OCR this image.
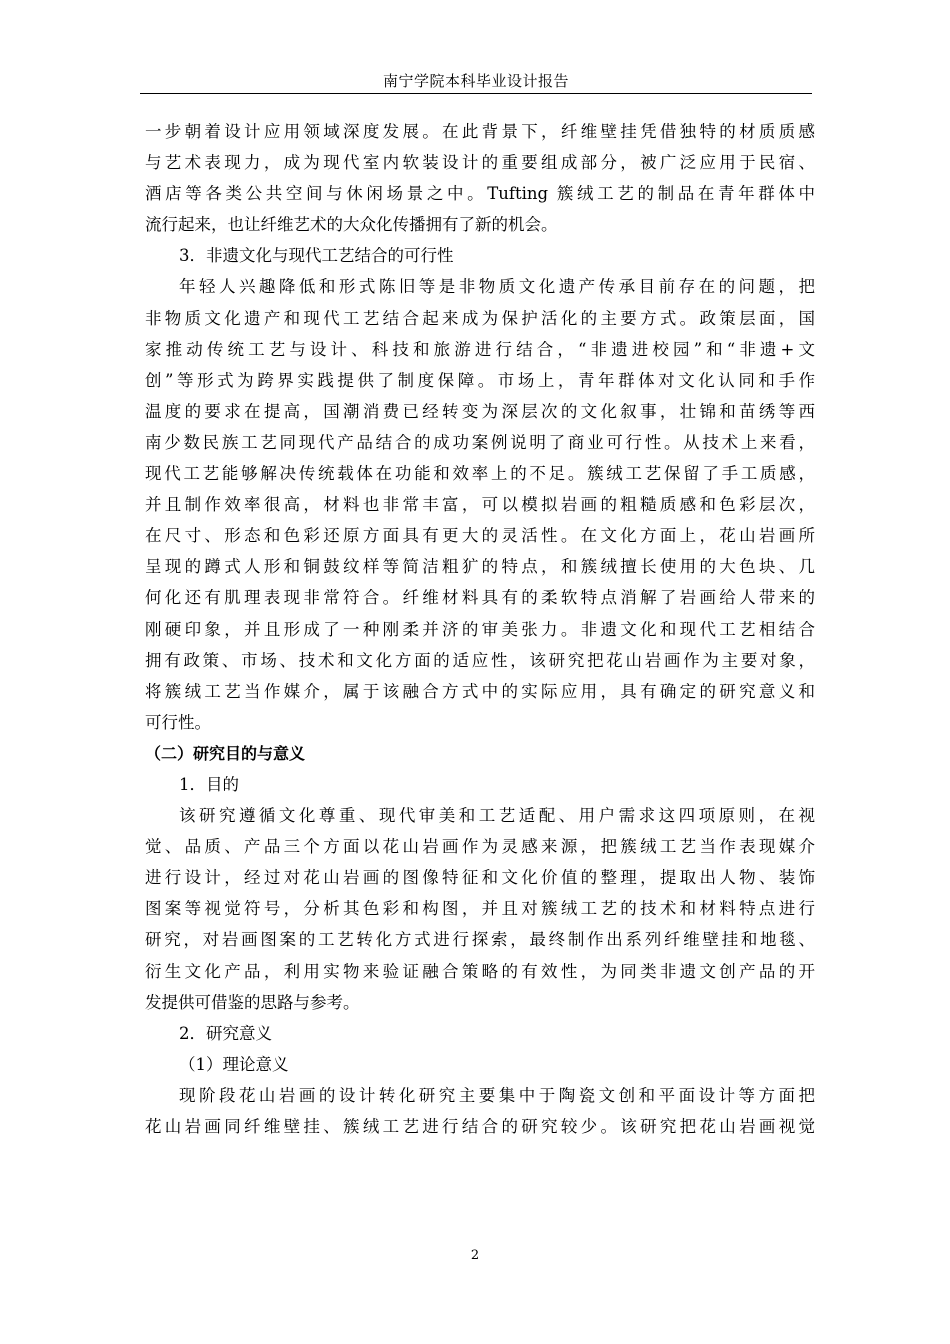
南宁学院本科毕业设计报告
一步朝着设计应用领域深度发展。在此背景下，纤维壁挂凭借独特的材质质感
与艺术表现力，成为现代室内软装设计的重要组成部分，被广泛应用于民宿、
酒店等各类公共空间与休闲场景之中。Tufting 簇绒工艺的制品在青年群体中
流行起来，也让纤维艺术的大众化传播拥有了新的机会。
3．非遗文化与现代工艺结合的可行性
年轻人兴趣降低和形式陈旧等是非物质文化遗产传承目前存在的问题，把
非物质文化遗产和现代工艺结合起来成为保护活化的主要方式。政策层面，国
家推动传统工艺与设计、科技和旅游进行结合，“非遗进校园”和“非遗+文
创”等形式为跨界实践提供了制度保障。市场上，青年群体对文化认同和手作
温度的要求在提高，国潮消费已经转变为深层次的文化叙事，壮锦和苗绣等西
南少数民族工艺同现代产品结合的成功案例说明了商业可行性。从技术上来看，
现代工艺能够解决传统载体在功能和效率上的不足。簇绒工艺保留了手工质感，
并且制作效率很高，材料也非常丰富，可以模拟岩画的粗糙质感和色彩层次，
在尺寸、形态和色彩还原方面具有更大的灵活性。在文化方面上，花山岩画所
呈现的蹲式人形和铜鼓纹样等简洁粗犷的特点，和簇绒擅长使用的大色块、几
何化还有肌理表现非常符合。纤维材料具有的柔软特点消解了岩画给人带来的
刚硬印象，并且形成了一种刚柔并济的审美张力。非遗文化和现代工艺相结合
拥有政策、市场、技术和文化方面的适应性，该研究把花山岩画作为主要对象，
将簇绒工艺当作媒介，属于该融合方式中的实际应用，具有确定的研究意义和
可行性。
（二）研究目的与意义
1．目的
该研究遵循文化尊重、现代审美和工艺适配、用户需求这四项原则，在视
觉、品质、产品三个方面以花山岩画作为灵感来源，把簇绒工艺当作表现媒介
进行设计，经过对花山岩画的图像特征和文化价值的整理，提取出人物、装饰
图案等视觉符号，分析其色彩和构图，并且对簇绒工艺的技术和材料特点进行
研究，对岩画图案的工艺转化方式进行探索，最终制作出系列纤维壁挂和地毯、
衍生文化产品，利用实物来验证融合策略的有效性，为同类非遗文创产品的开
发提供可借鉴的思路与参考。
2．研究意义
（1）理论意义
现阶段花山岩画的设计转化研究主要集中于陶瓷文创和平面设计等方面把
花山岩画同纤维壁挂、簇绒工艺进行结合的研究较少。该研究把花山岩画视觉
2
